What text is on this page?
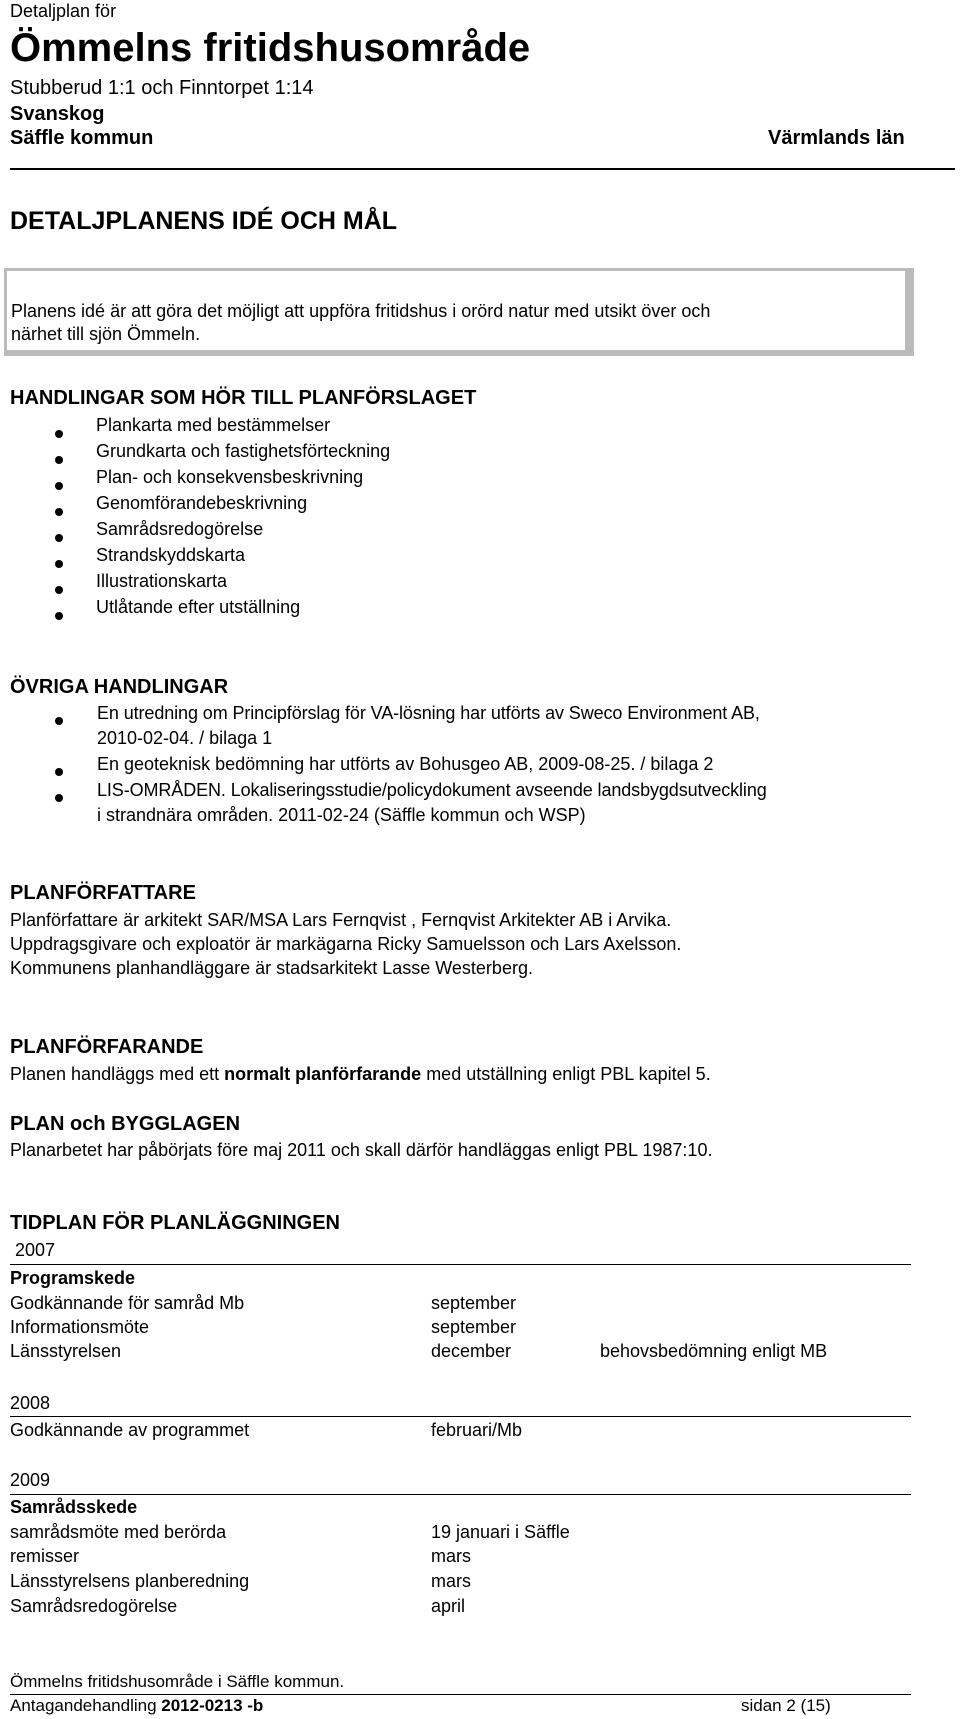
Detaljplan för
Ömmelns fritidshusområde
Stubberud 1:1 och Finntorpet 1:14
Svanskog
Säffle kommun	Värmlands län
DETALJPLANENS IDÉ OCH MÅL
Planens idé är att göra det möjligt att uppföra fritidshus i orörd natur med utsikt över och
närhet till sjön Ömmeln.
HANDLINGAR SOM HÖR TILL PLANFÖRSLAGET
Plankarta med bestämmelser
Grundkarta och fastighetsförteckning
Plan- och konsekvensbeskrivning
Genomförandebeskrivning
Samrådsredogörelse
Strandskyddskarta
Illustrationskarta
Utlåtande efter utställning
ÖVRIGA HANDLINGAR
En utredning om Principförslag för VA-lösning har utförts av Sweco Environment AB,
2010-02-04. / bilaga 1
En geoteknisk bedömning har utförts av Bohusgeo AB, 2009-08-25. / bilaga 2
LIS-OMRÅDEN. Lokaliseringsstudie/policydokument avseende landsbygdsutveckling
i strandnära områden. 2011-02-24 (Säffle kommun och WSP)
PLANFÖRFATTARE
Planförfattare är arkitekt SAR/MSA Lars Fernqvist , Fernqvist Arkitekter AB i Arvika.
Uppdragsgivare och exploatör är markägarna Ricky Samuelsson och Lars Axelsson.
Kommunens planhandläggare är stadsarkitekt Lasse Westerberg.
PLANFÖRFARANDE
Planen handläggs med ett normalt planförfarande med utställning enligt PBL kapitel 5.
PLAN och BYGGLAGEN
Planarbetet har påbörjats före maj 2011 och skall därför handläggas enligt PBL 1987:10.
TIDPLAN FÖR PLANLÄGGNINGEN
2007
Programskede
Godkännande för samråd Mb	september
Informationsmöte	september
Länsstyrelsen	december	behovsbedömning enligt MB
2008
Godkännande av programmet	februari/Mb
2009
Samrådsskede
samrådsmöte med berörda	19 januari i Säffle
remisser	mars
Länsstyrelsens planberedning	mars
Samrådsredogörelse	april
Ömmelns fritidshusområde i Säffle kommun.
Antagandehandling 2012-0213 -b	sidan 2 (15)
